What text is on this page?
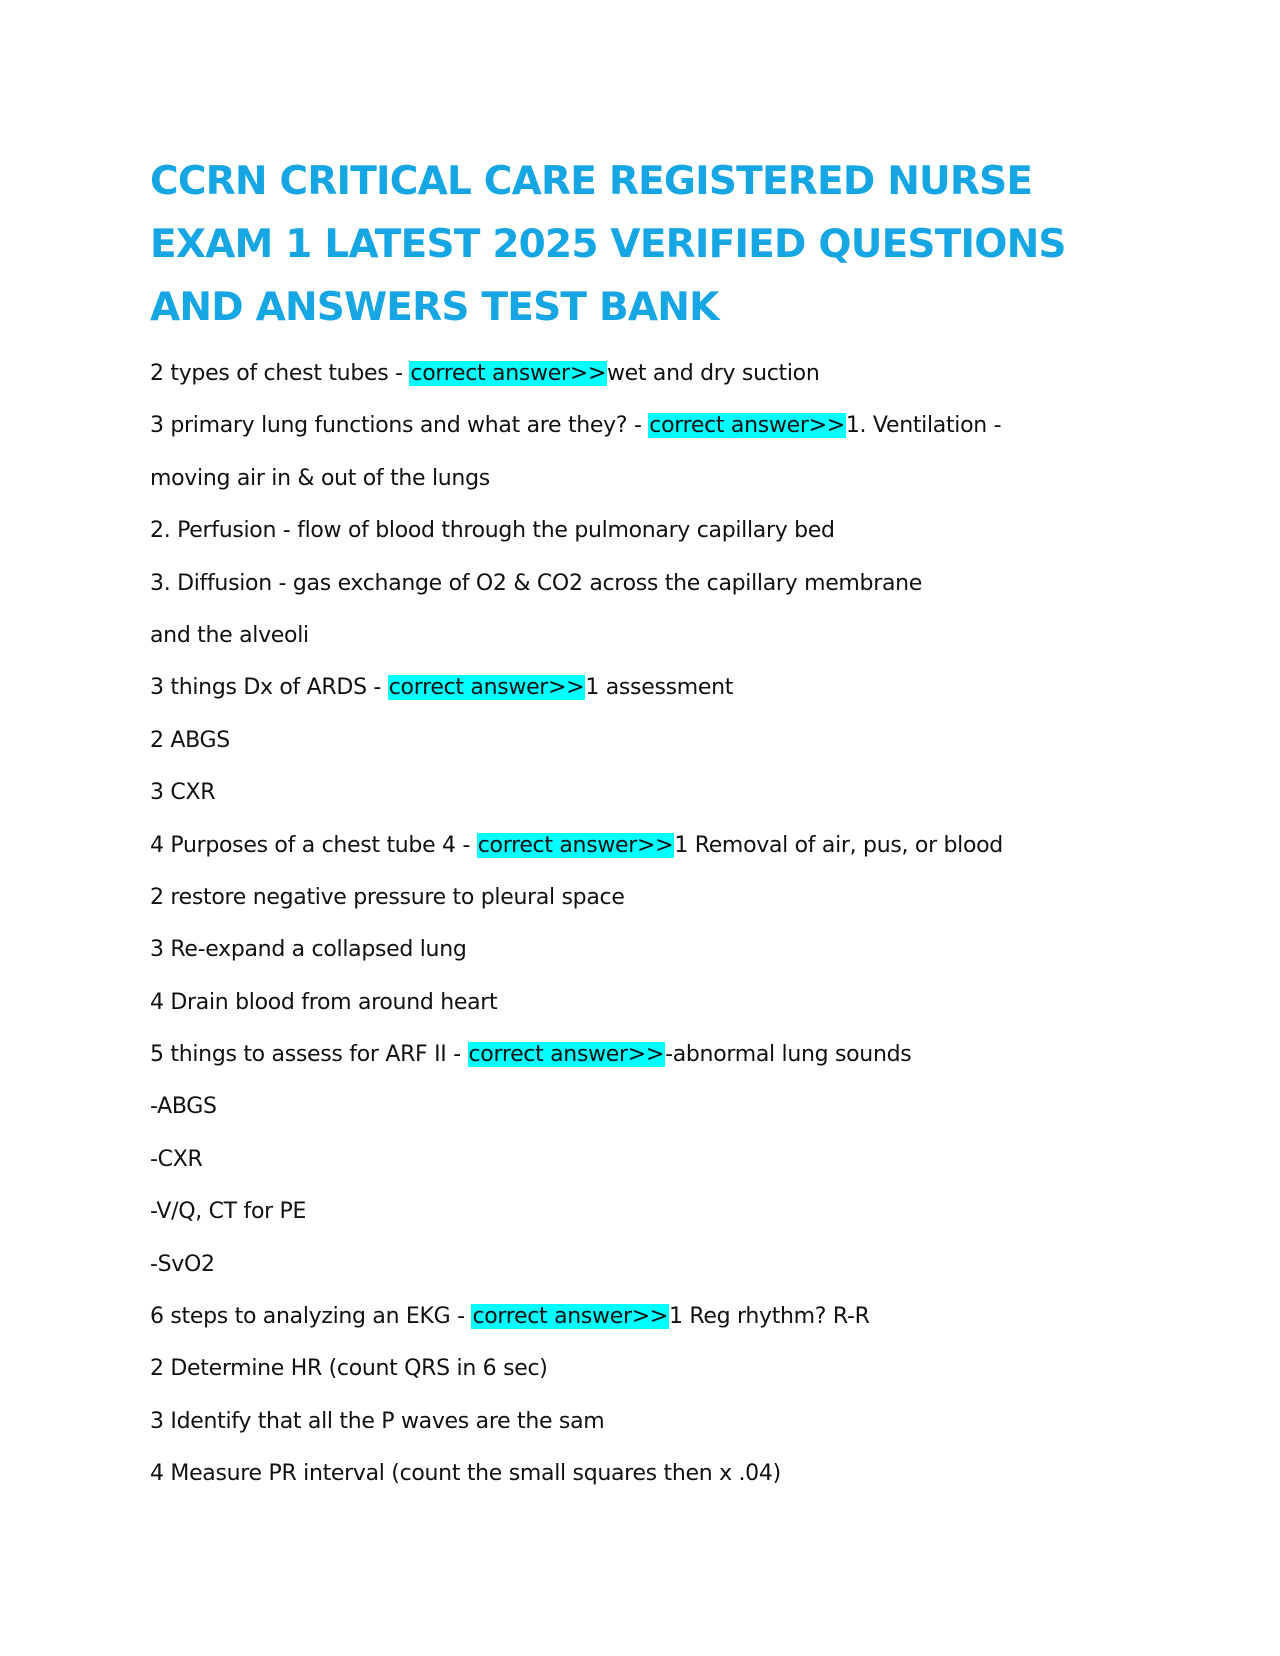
CCRN CRITICAL CARE REGISTERED NURSE EXAM 1 LATEST 2025 VERIFIED QUESTIONS AND ANSWERS TEST BANK
2 types of chest tubes - correct answer>>wet and dry suction
3 primary lung functions and what are they? - correct answer>>1. Ventilation -
moving air in & out of the lungs
2. Perfusion - flow of blood through the pulmonary capillary bed
3. Diffusion - gas exchange of O2 & CO2 across the capillary membrane
and the alveoli
3 things Dx of ARDS - correct answer>>1 assessment
2 ABGS
3 CXR
4 Purposes of a chest tube 4 - correct answer>>1 Removal of air, pus, or blood
2 restore negative pressure to pleural space
3 Re-expand a collapsed lung
4 Drain blood from around heart
5 things to assess for ARF II - correct answer>>-abnormal lung sounds
-ABGS
-CXR
-V/Q, CT for PE
-SvO2
6 steps to analyzing an EKG - correct answer>>1 Reg rhythm? R-R
2 Determine HR (count QRS in 6 sec)
3 Identify that all the P waves are the sam
4 Measure PR interval (count the small squares then x .04)
